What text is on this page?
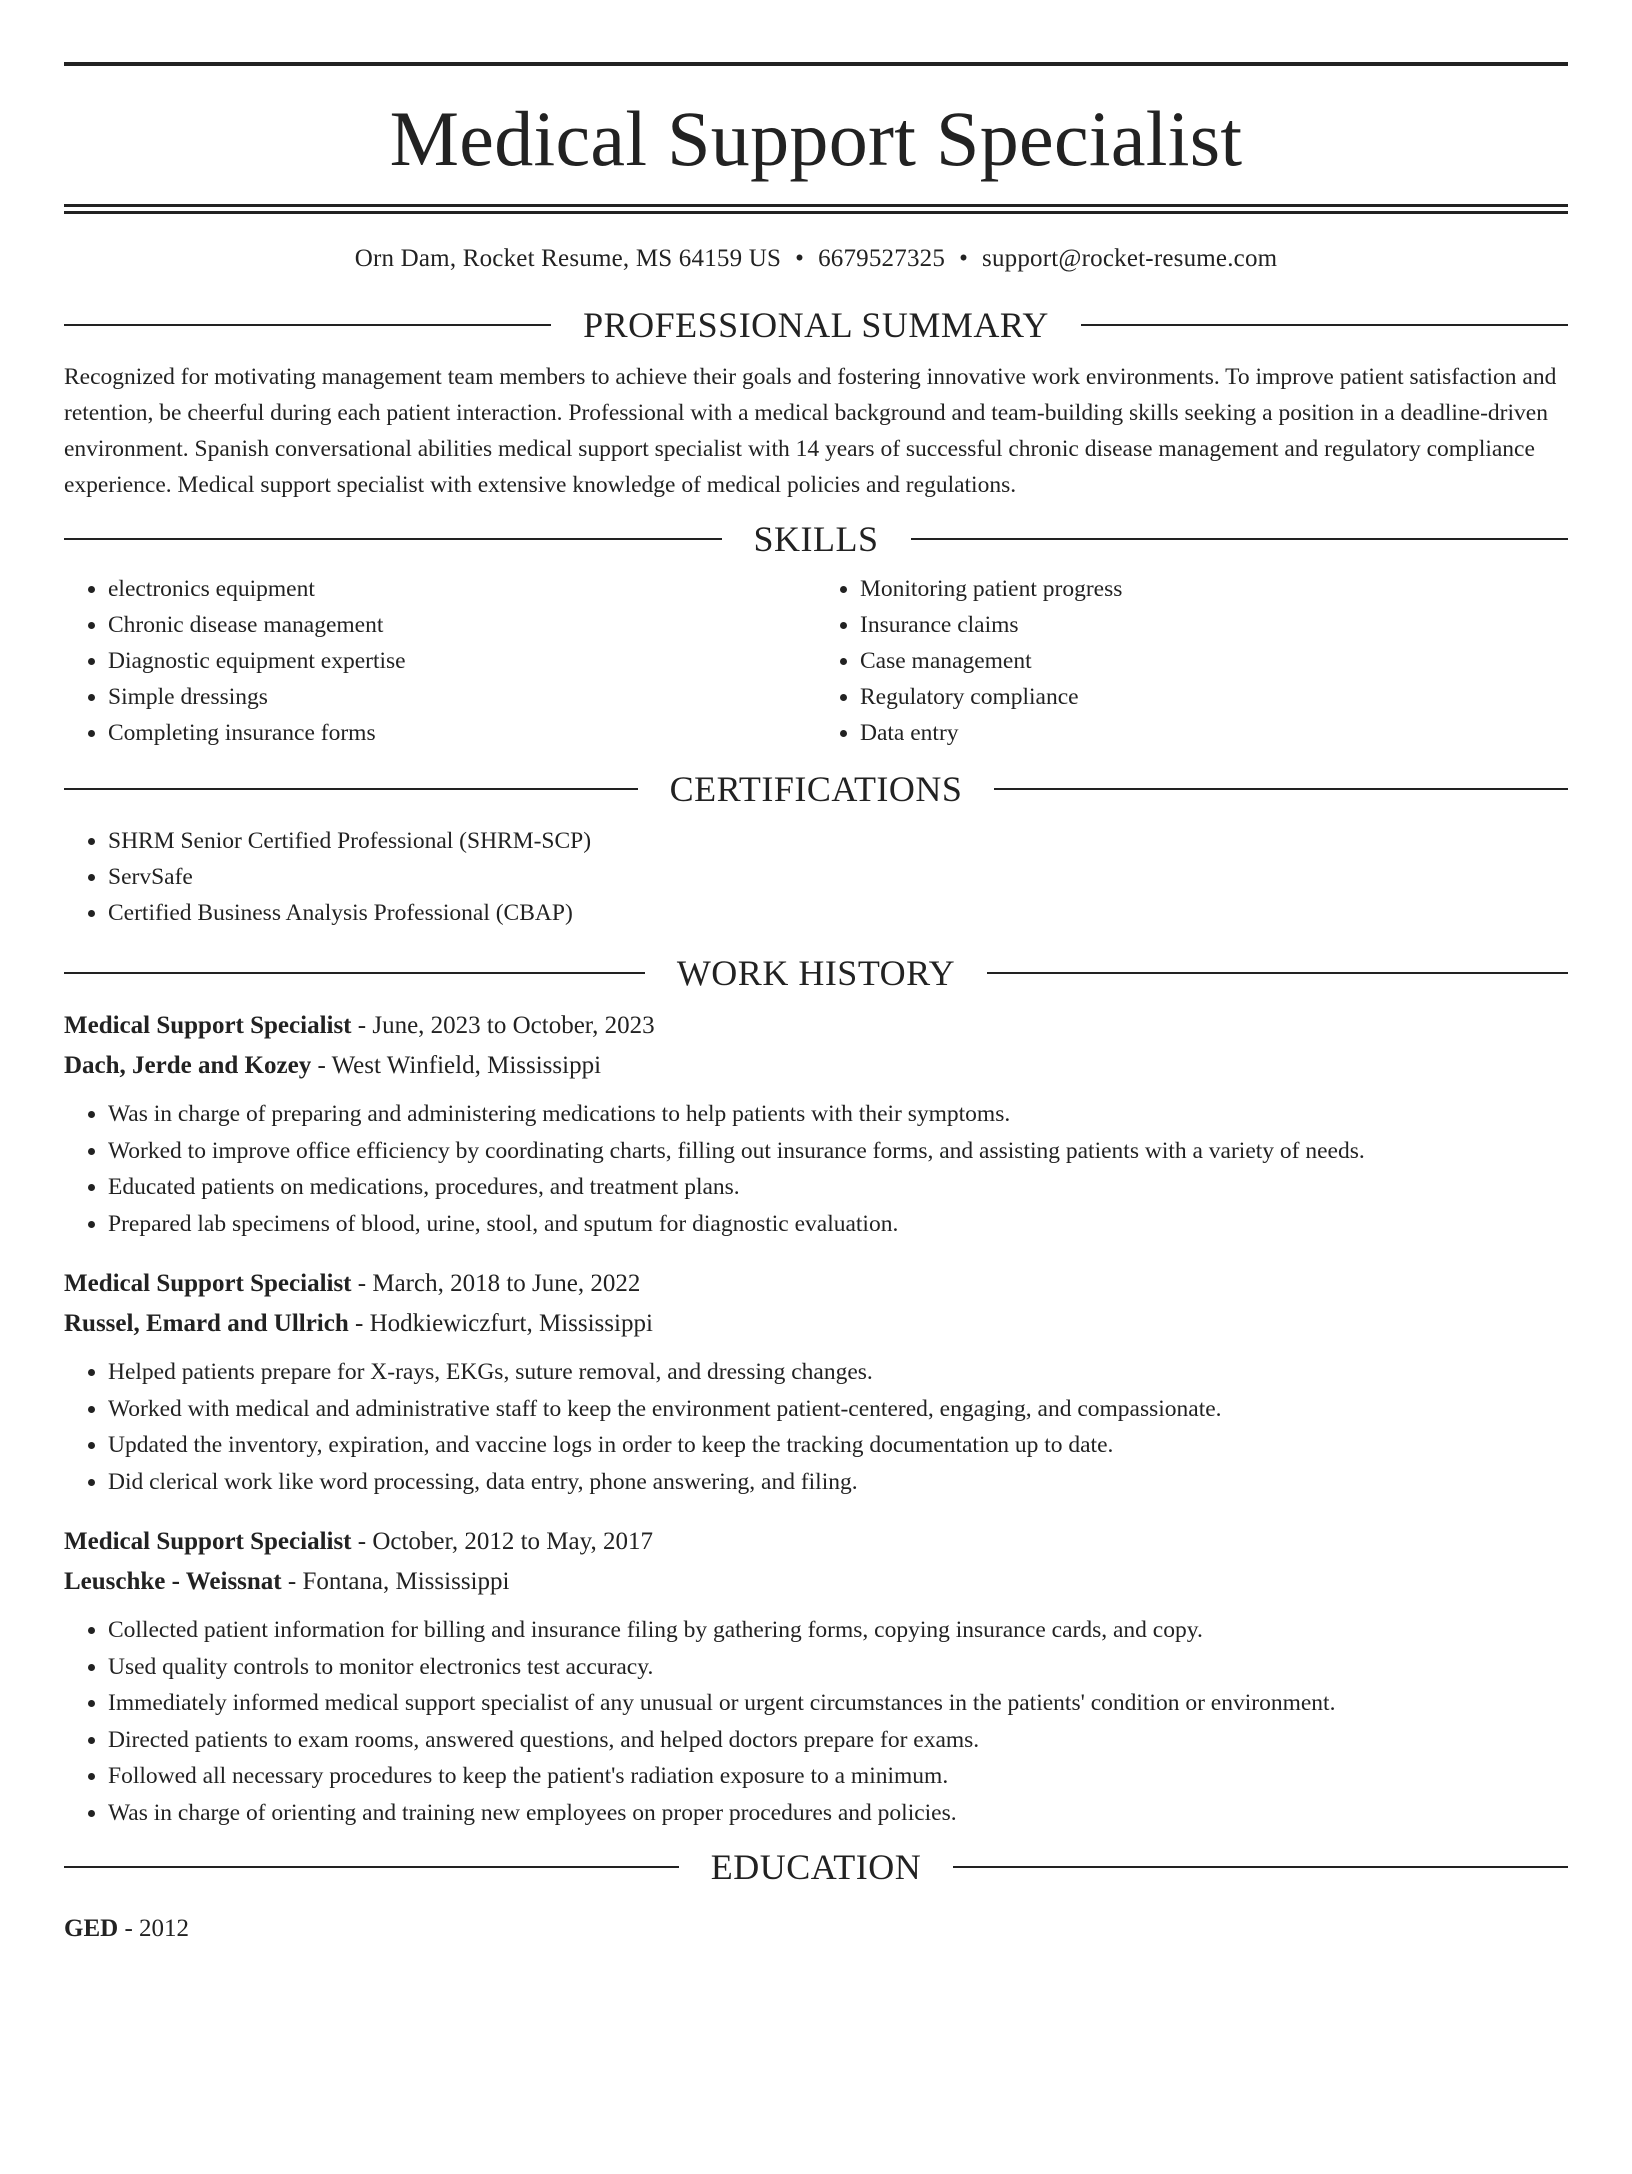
Medical Support Specialist
Orn Dam, Rocket Resume, MS 64159 US • 6679527325 • support@rocket-resume.com
PROFESSIONAL SUMMARY

Recognized for motivating management team members to achieve their goals and fostering innovative work environments. To improve patient satisfaction and retention, be cheerful during each patient interaction. Professional with a medical background and team-building skills seeking a position in a deadline-driven environment. Spanish conversational abilities medical support specialist with 14 years of successful chronic disease management and regulatory compliance experience. Medical support specialist with extensive knowledge of medical policies and regulations.

SKILLS
• electronics equipment
• Chronic disease management
• Diagnostic equipment expertise
• Simple dressings
• Completing insurance forms
• Monitoring patient progress
• Insurance claims
• Case management
• Regulatory compliance
• Data entry
CERTIFICATIONS
• SHRM Senior Certified Professional (SHRM-SCP)
• ServSafe
• Certified Business Analysis Professional (CBAP)
WORK HISTORY
Medical Support Specialist - June, 2023 to October, 2023
Dach, Jerde and Kozey - West Winfield, Mississippi
• Was in charge of preparing and administering medications to help patients with their symptoms.
• Worked to improve office efficiency by coordinating charts, filling out insurance forms, and assisting patients with a variety of needs.
• Educated patients on medications, procedures, and treatment plans.
• Prepared lab specimens of blood, urine, stool, and sputum for diagnostic evaluation.
Medical Support Specialist - March, 2018 to June, 2022
Russel, Emard and Ullrich - Hodkiewiczfurt, Mississippi
• Helped patients prepare for X-rays, EKGs, suture removal, and dressing changes.
• Worked with medical and administrative staff to keep the environment patient-centered, engaging, and compassionate.
• Updated the inventory, expiration, and vaccine logs in order to keep the tracking documentation up to date.
• Did clerical work like word processing, data entry, phone answering, and filing.
Medical Support Specialist - October, 2012 to May, 2017
Leuschke - Weissnat - Fontana, Mississippi
• Collected patient information for billing and insurance filing by gathering forms, copying insurance cards, and copy.
• Used quality controls to monitor electronics test accuracy.
• Immediately informed medical support specialist of any unusual or urgent circumstances in the patients' condition or environment.
• Directed patients to exam rooms, answered questions, and helped doctors prepare for exams.
• Followed all necessary procedures to keep the patient's radiation exposure to a minimum.
• Was in charge of orienting and training new employees on proper procedures and policies.
EDUCATION
GED - 2012
